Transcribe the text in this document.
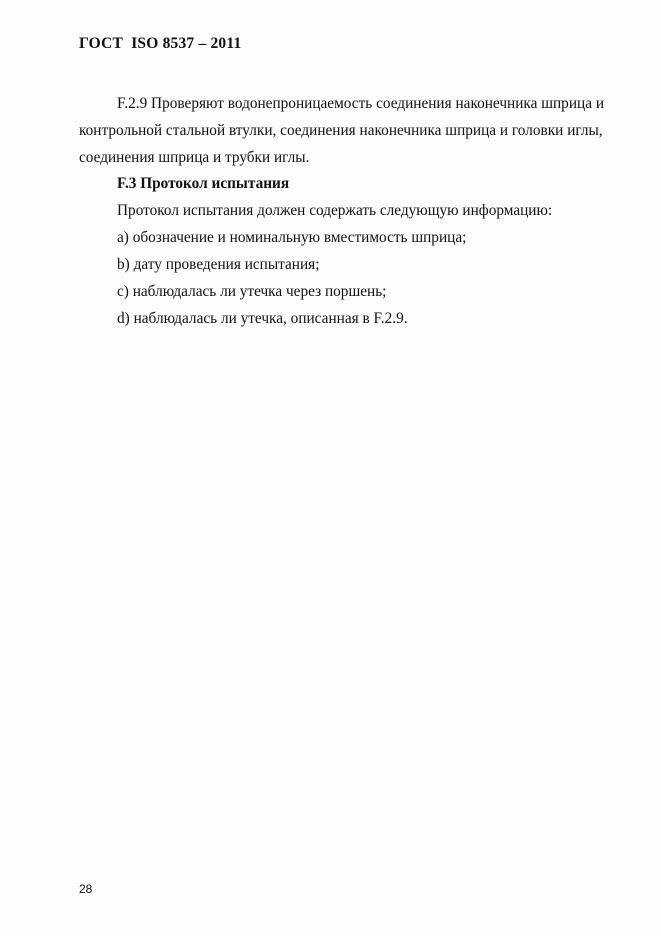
ГОСТ  ISO 8537 – 2011
F.2.9 Проверяют водонепроницаемость соединения наконечника шприца и
контрольной стальной втулки, соединения наконечника шприца и головки иглы,
соединения шприца и трубки иглы.
F.3 Протокол испытания
Протокол испытания должен содержать следующую информацию:
a) обозначение и номинальную вместимость шприца;
b) дату проведения испытания;
c) наблюдалась ли утечка через поршень;
d) наблюдалась ли утечка, описанная в F.2.9.
28
